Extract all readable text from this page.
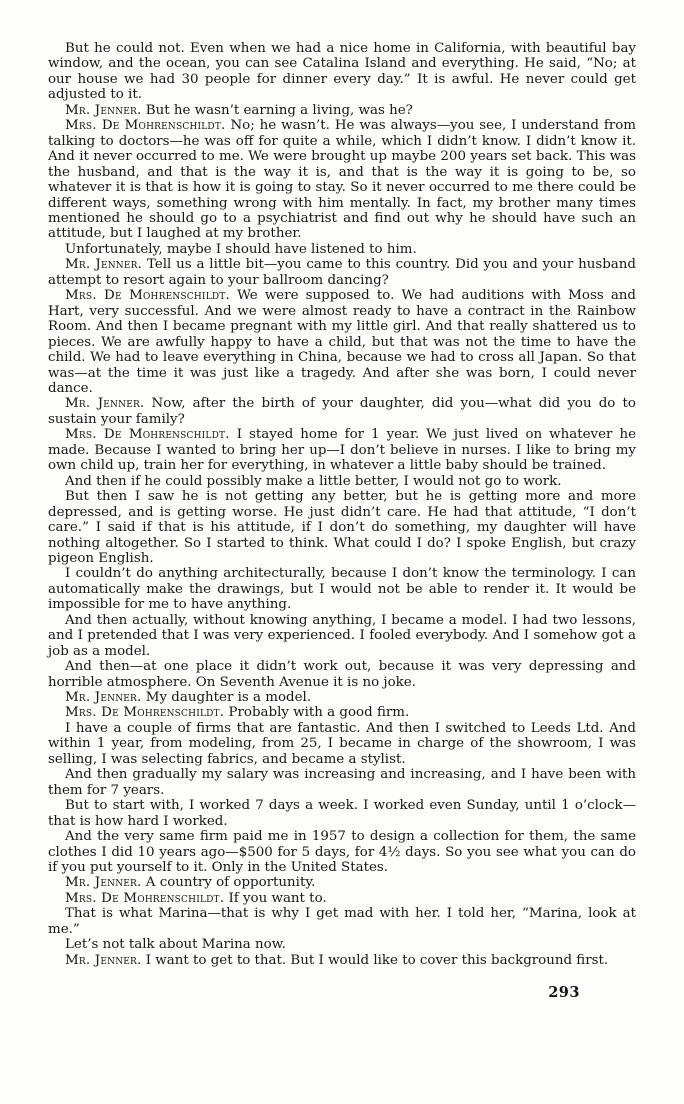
But he could not. Even when we had a nice home in California, with beautiful bay window, and the ocean, you can see Catalina Island and everything. He said, “No; at our house we had 30 people for dinner every day.” It is awful. He never could get adjusted to it.

Mr. Jenner. But he wasn’t earning a living, was he?

Mrs. De Mohrenschildt. No; he wasn’t. He was always—you see, I understand from talking to doctors—he was off for quite a while, which I didn’t know. I didn’t know it. And it never occurred to me. We were brought up maybe 200 years set back. This was the husband, and that is the way it is, and that is the way it is going to be, so whatever it is that is how it is going to stay. So it never occurred to me there could be different ways, something wrong with him mentally. In fact, my brother many times mentioned he should go to a psychiatrist and find out why he should have such an attitude, but I laughed at my brother.

Unfortunately, maybe I should have listened to him.

Mr. Jenner. Tell us a little bit—you came to this country. Did you and your husband attempt to resort again to your ballroom dancing?

Mrs. De Mohrenschildt. We were supposed to. We had auditions with Moss and Hart, very successful. And we were almost ready to have a contract in the Rainbow Room. And then I became pregnant with my little girl. And that really shattered us to pieces. We are awfully happy to have a child, but that was not the time to have the child. We had to leave everything in China, because we had to cross all Japan. So that was—at the time it was just like a tragedy. And after she was born, I could never dance.

Mr. Jenner. Now, after the birth of your daughter, did you—what did you do to sustain your family?

Mrs. De Mohrenschildt. I stayed home for 1 year. We just lived on whatever he made. Because I wanted to bring her up—I don’t believe in nurses. I like to bring my own child up, train her for everything, in whatever a little baby should be trained.

And then if he could possibly make a little better, I would not go to work.

But then I saw he is not getting any better, but he is getting more and more depressed, and is getting worse. He just didn’t care. He had that attitude, “I don’t care.” I said if that is his attitude, if I don’t do something, my daughter will have nothing altogether. So I started to think. What could I do? I spoke English, but crazy pigeon English.

I couldn’t do anything architecturally, because I don’t know the terminology. I can automatically make the drawings, but I would not be able to render it. It would be impossible for me to have anything.

And then actually, without knowing anything, I became a model. I had two lessons, and I pretended that I was very experienced. I fooled everybody. And I somehow got a job as a model.

And then—at one place it didn’t work out, because it was very depressing and horrible atmosphere. On Seventh Avenue it is no joke.

Mr. Jenner. My daughter is a model.

Mrs. De Mohrenschildt. Probably with a good firm.

I have a couple of firms that are fantastic. And then I switched to Leeds Ltd. And within 1 year, from modeling, from 25, I became in charge of the showroom, I was selling, I was selecting fabrics, and became a stylist.

And then gradually my salary was increasing and increasing, and I have been with them for 7 years.

But to start with, I worked 7 days a week. I worked even Sunday, until 1 o’clock—that is how hard I worked.

And the very same firm paid me in 1957 to design a collection for them, the same clothes I did 10 years ago—$500 for 5 days, for 4½ days. So you see what you can do if you put yourself to it. Only in the United States.

Mr. Jenner. A country of opportunity.

Mrs. De Mohrenschildt. If you want to.

That is what Marina—that is why I get mad with her. I told her, “Marina, look at me.”

Let’s not talk about Marina now.

Mr. Jenner. I want to get to that. But I would like to cover this background first.

293
